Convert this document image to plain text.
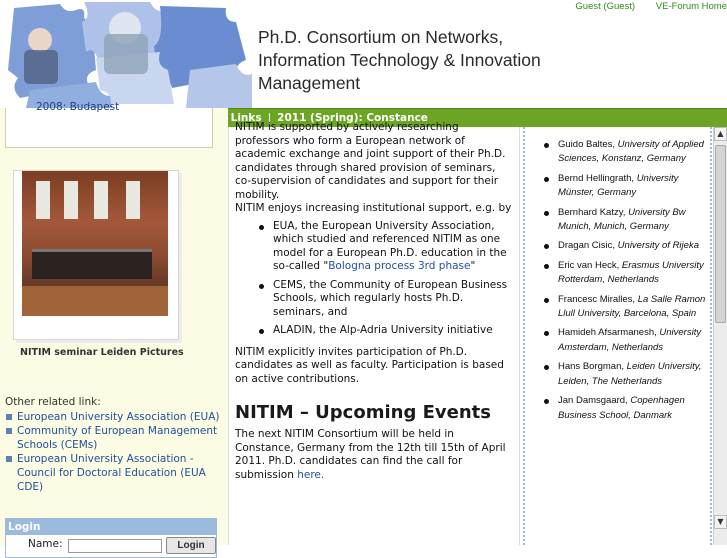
Ph.D. Consortium on Networks, Information Technology & Innovation Management
Guest (Guest) VE-Forum Home
Links | 2011 (Spring): Constance
2008: Budapest
NITIM seminar Leiden Pictures
Other related link:
European University Association (EUA)
Community of European Management Schools (CEMs)
European University Association - Council for Doctoral Education (EUA CDE)
Login
Name:	Login

NITIM is supported by actively researching professors who form a European network of academic exchange and joint support of their Ph.D. candidates through shared provision of seminars, co-supervision of candidates and support for their mobility.

NITIM enjoys increasing institutional support, e.g. by

EUA, the European University Association, which studied and referenced NITIM as one model for a European Ph.D. education in the so-called "Bologna process 3rd phase"
CEMS, the Community of European Business Schools, which regularly hosts Ph.D. seminars, and
ALADIN, the Alp-Adria University initiative

NITIM explicitly invites participation of Ph.D. candidates as well as faculty. Participation is based on active contributions.

NITIM – Upcoming Events

The next NITIM Consortium will be held in Constance, Germany from the 12th till 15th of April 2011. Ph.D. candidates can find the call for submission here.

Guido Baltes, University of Applied Sciences, Konstanz, Germany
Bernd Hellingrath, University Münster, Germany
Bernhard Katzy, University Bw Munich, Munich, Germany
Dragan Cisic, University of Rijeka
Eric van Heck, Erasmus University Rotterdam, Netherlands
Francesc Miralles, La Salle Ramon Llull University, Barcelona, Spain
Hamideh Afsarmanesh, University Amsterdam, Netherlands
Hans Borgman, Leiden University, Leiden, The Netherlands
Jan Damsgaard, Copenhagen Business School, Danmark
▲
▼
